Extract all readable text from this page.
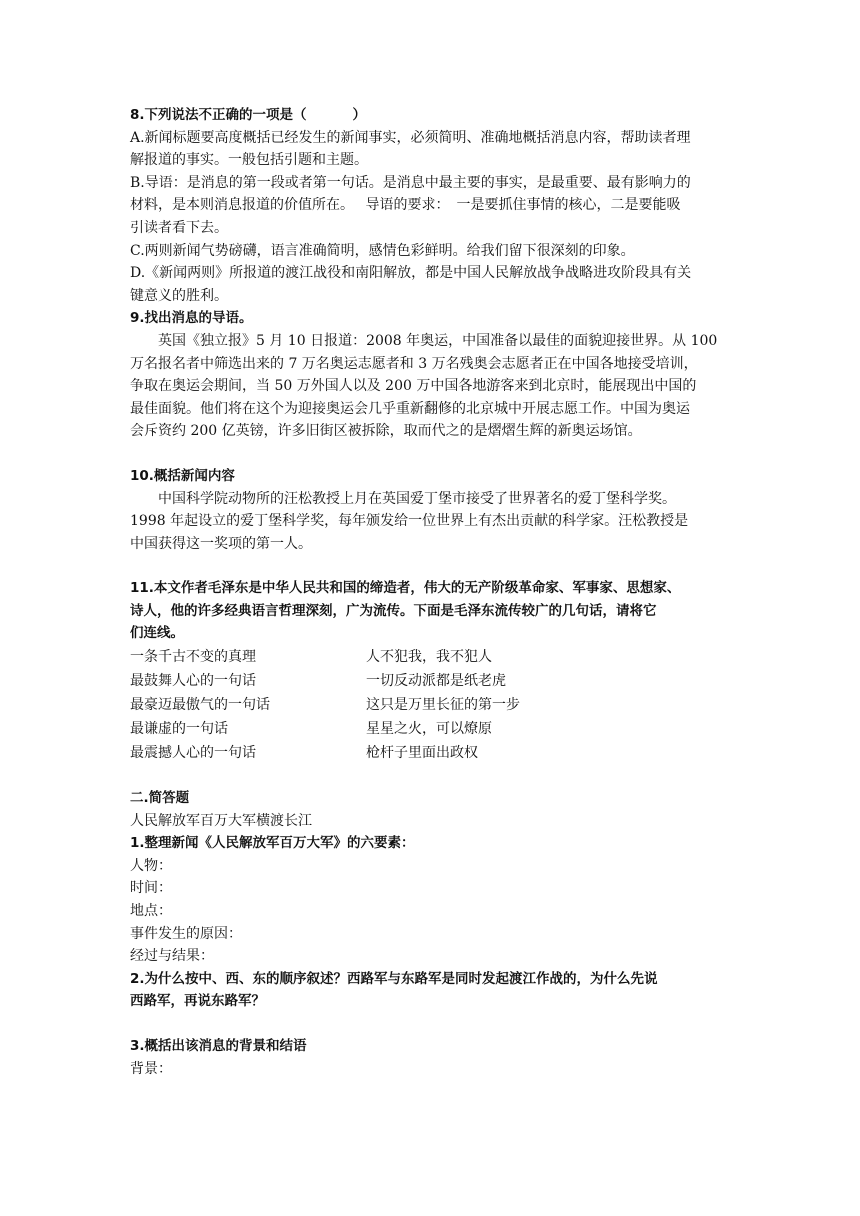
8.下列说法不正确的一项是（	）
A.新闻标题要高度概括已经发生的新闻事实，必须简明、准确地概括消息内容，帮助读者理
解报道的事实。一般包括引题和主题。
B.导语：是消息的第一段或者第一句话。是消息中最主要的事实，是最重要、最有影响力的
材料，是本则消息报道的价值所在。　 导语的要求：　一是要抓住事情的核心，二是要能吸
引读者看下去。
C.两则新闻气势磅礴，语言准确简明，感情色彩鲜明。给我们留下很深刻的印象。
D.《新闻两则》所报道的渡江战役和南阳解放，都是中国人民解放战争战略进攻阶段具有关
键意义的胜利。
9.找出消息的导语。
英国《独立报》5 月 10 日报道：2008 年奥运，中国准备以最佳的面貌迎接世界。从 100
万名报名者中筛选出来的 7 万名奥运志愿者和 3 万名残奥会志愿者正在中国各地接受培训，
争取在奥运会期间，当 50 万外国人以及 200 万中国各地游客来到北京时，能展现出中国的
最佳面貌。他们将在这个为迎接奥运会几乎重新翻修的北京城中开展志愿工作。中国为奥运
会斥资约 200 亿英镑，许多旧街区被拆除，取而代之的是熠熠生辉的新奥运场馆。
10.概括新闻内容
中国科学院动物所的汪松教授上月在英国爱丁堡市接受了世界著名的爱丁堡科学奖。
1998 年起设立的爱丁堡科学奖，每年颁发给一位世界上有杰出贡献的科学家。汪松教授是
中国获得这一奖项的第一人。
11.本文作者毛泽东是中华人民共和国的缔造者，伟大的无产阶级革命家、军事家、思想家、
诗人，他的许多经典语言哲理深刻，广为流传。下面是毛泽东流传较广的几句话，请将它
们连线。
一条千古不变的真理	人不犯我，我不犯人
最鼓舞人心的一句话	一切反动派都是纸老虎
最豪迈最傲气的一句话	这只是万里长征的第一步
最谦虚的一句话	星星之火，可以燎原
最震撼人心的一句话	枪杆子里面出政权
二.简答题
人民解放军百万大军横渡长江
1.整理新闻《人民解放军百万大军》的六要素：
人物：
时间：
地点：
事件发生的原因：
经过与结果：
2.为什么按中、西、东的顺序叙述？西路军与东路军是同时发起渡江作战的，为什么先说
西路军，再说东路军？
3.概括出该消息的背景和结语
背景：
